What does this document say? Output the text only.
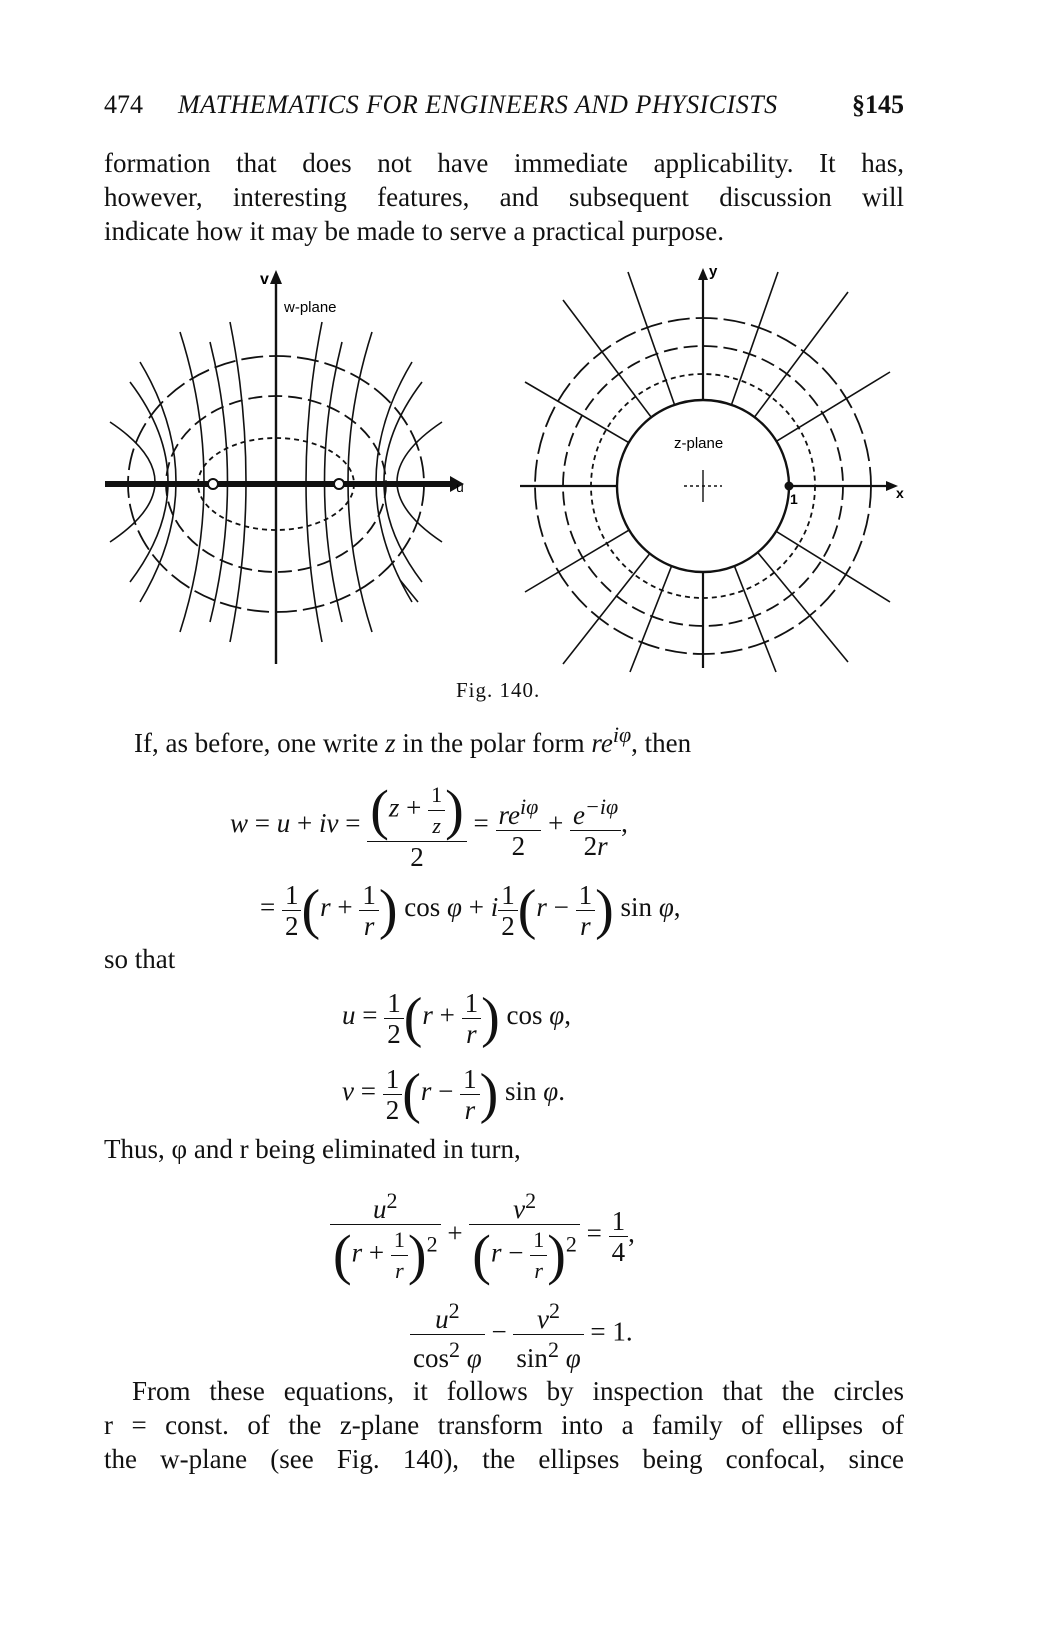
474 MATHEMATICS FOR ENGINEERS AND PHYSICISTS	§145
formation that does not have immediate applicability. It has,
however, interesting features, and subsequent discussion will
indicate how it may be made to serve a practical purpose.
v
w-plane
u
y
x
z-plane
1
Fig. 140.
If, as before, one write z in the polar form $re^{i\varphi}$, then
w = u + iv = $\frac{(z + \frac{1}{z} )}{2} = \frac{re^{i\varphi}}{2} + \frac{e^{-i\varphi}}{2r}$ ,
= $\frac{1}{2} (r + \frac{1}{r}$ ) cos φ + i $\frac{1}{2} (r - \frac{1}{r}$ ) sin φ,
so that
$u = \frac{1}{2} (r + \frac{1}{r}$ ) cos φ,
$v = \frac{1}{2} (r - \frac{1}{r}$ ) sin φ.
Thus, φ and r being eliminated in turn,
$\frac{u^2}{(r + \frac{1}{r} )^2} + \frac{v^2}{(r - \frac{1}{r} )^2} = \frac{1}{4}$ ,
$\frac{u^2}{\cos^2 \varphi} - \frac{v^2}{\sin^2 \varphi} = 1$.
From these equations, it follows by inspection that the circles
r = const. of the z-plane transform into a family of ellipses of
the w-plane (see Fig. 140), the ellipses being confocal, since
